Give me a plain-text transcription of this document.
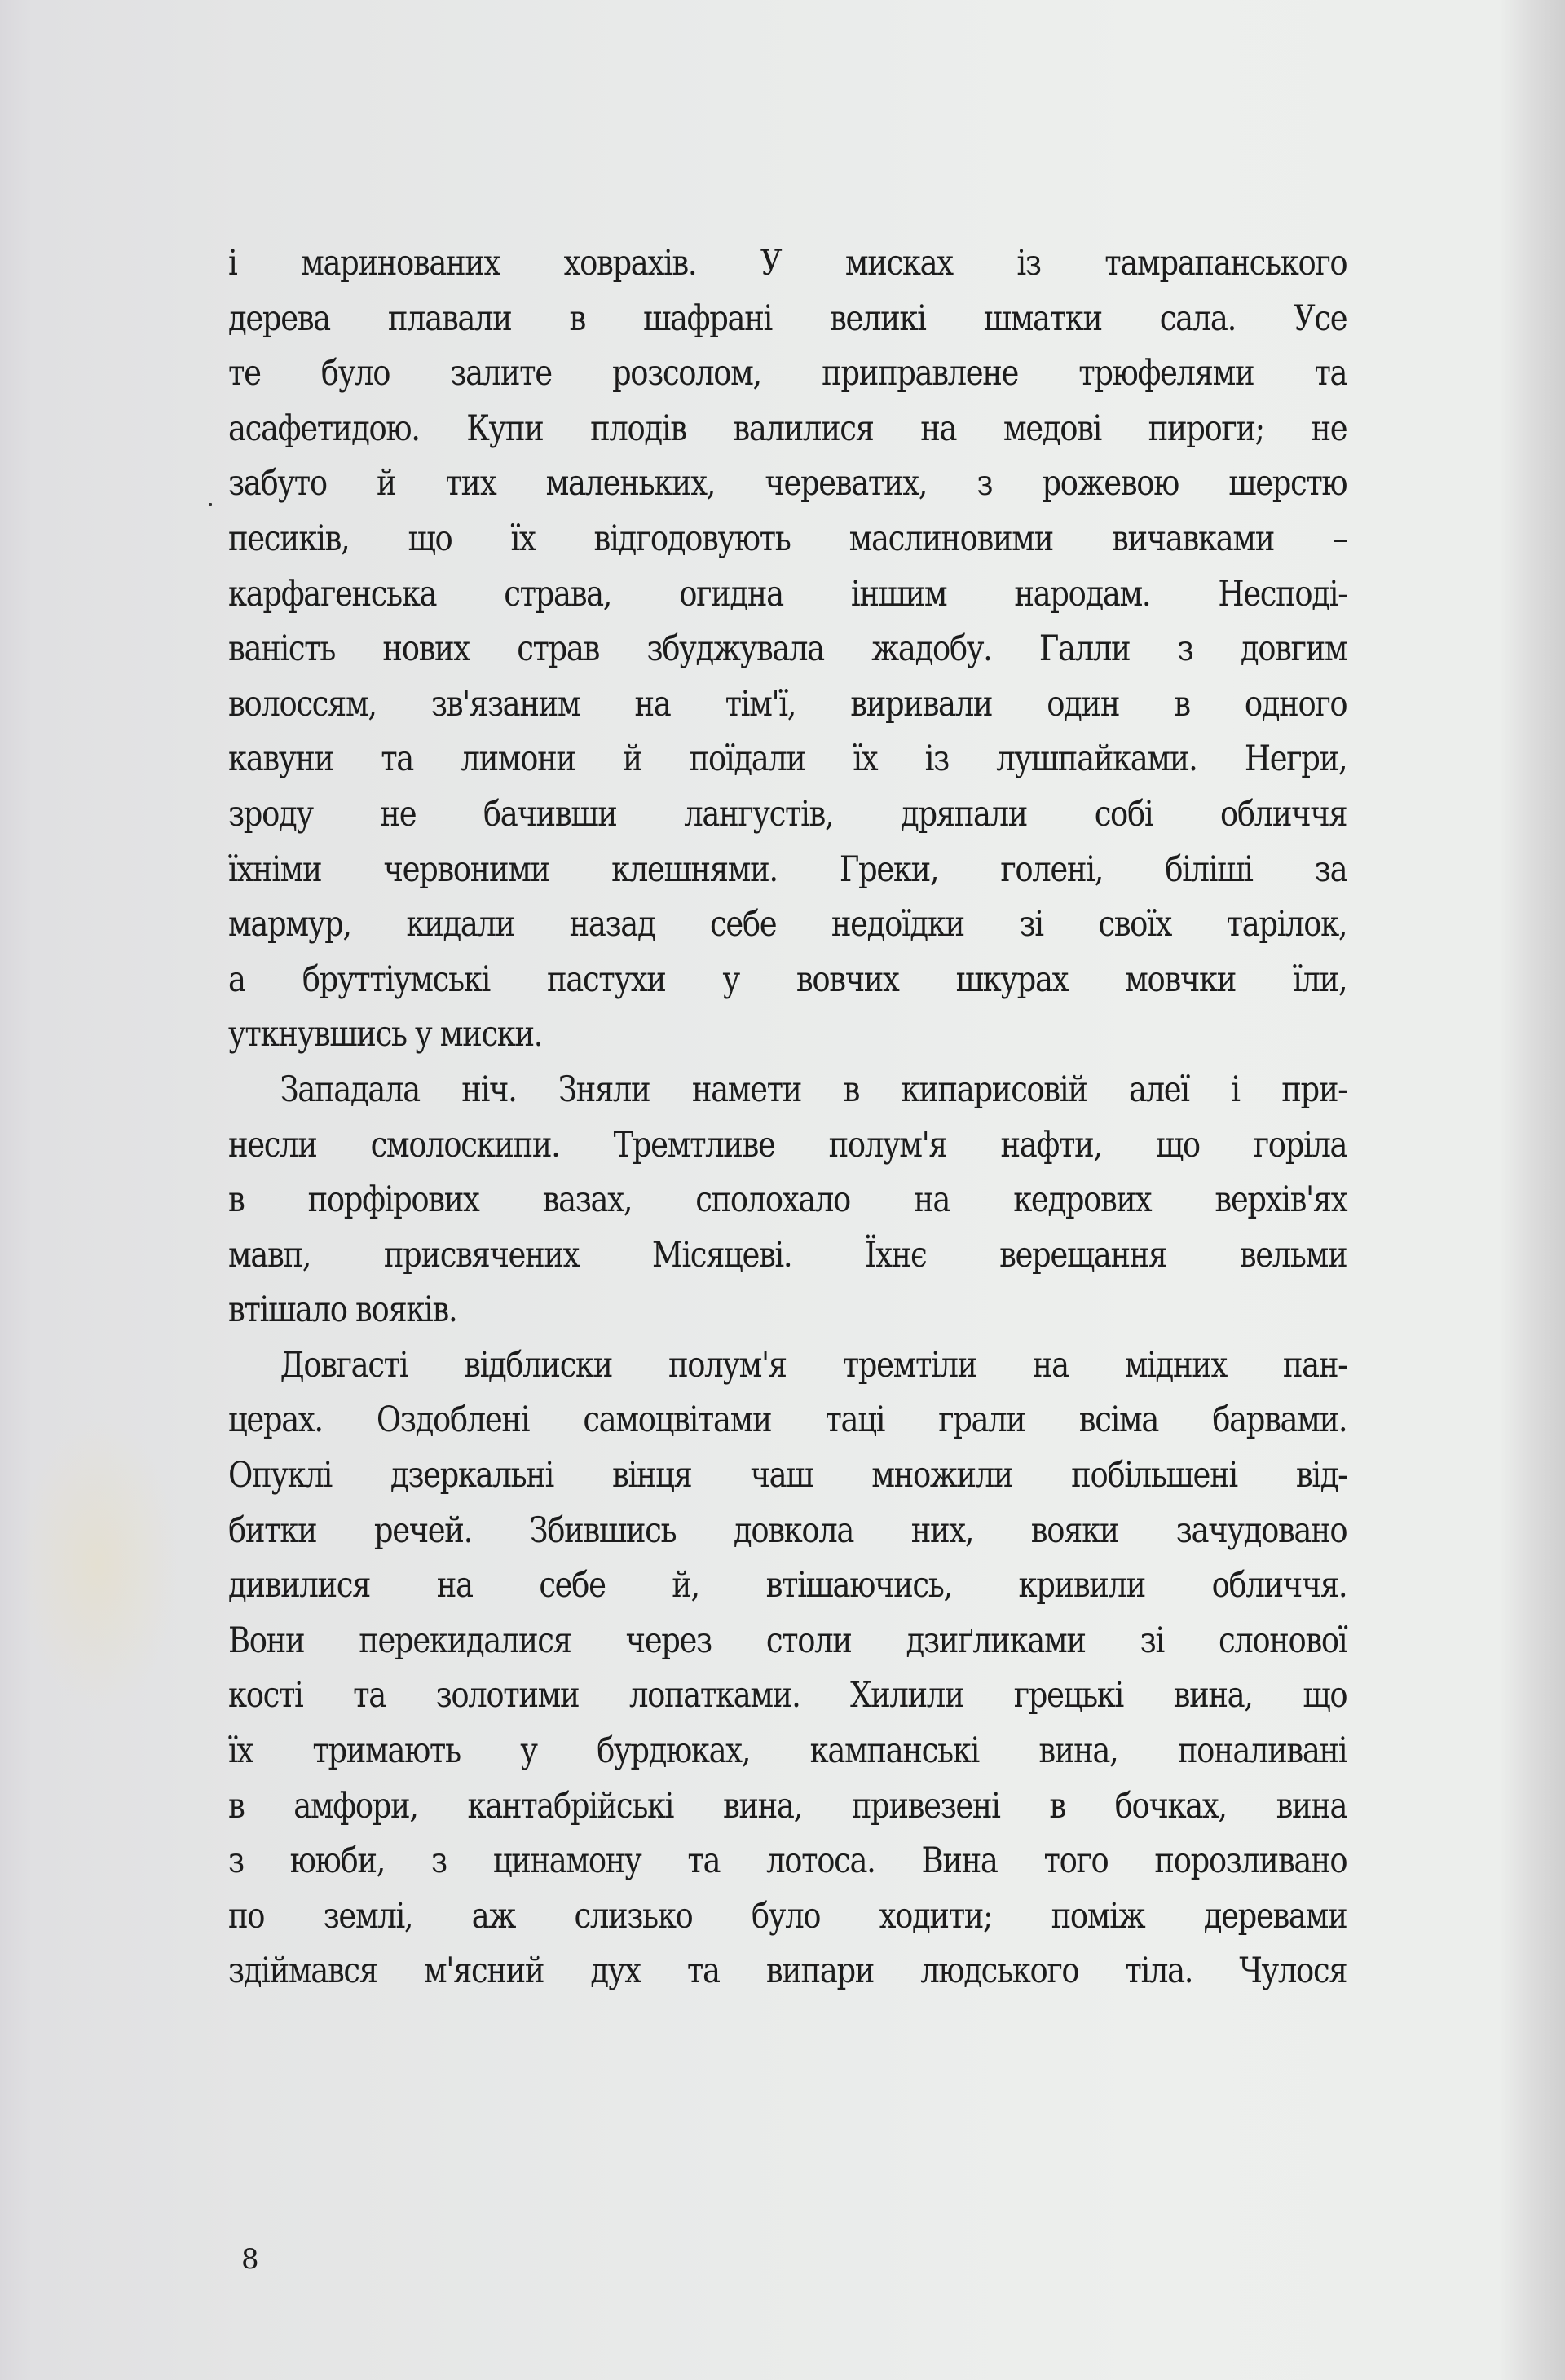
і маринованих ховрахів. У мисках із тамрапанського
дерева плавали в шафрані великі шматки сала. Усе
те було залите розсолом, приправлене трюфелями та
асафетидою. Купи плодів валилися на медові пироги; не
забуто й тих маленьких, череватих, з рожевою шерстю
песиків, що їх відгодовують маслиновими вичавками –
карфагенська страва, огидна іншим народам. Несподі-
ваність нових страв збуджувала жадобу. Галли з довгим
волоссям, зв'язаним на тім'ї, виривали один в одного
кавуни та лимони й поїдали їх із лушпайками. Негри,
зроду не бачивши лангустів, дряпали собі обличчя
їхніми червоними клешнями. Греки, голені, біліші за
мармур, кидали назад себе недоїдки зі своїх тарілок,
а бруттіумські пастухи у вовчих шкурах мовчки їли,
уткнувшись у миски.
Западала ніч. Зняли намети в кипарисовій алеї і при-
несли смолоскипи. Тремтливе полум'я нафти, що горіла
в порфірових вазах, сполохало на кедрових верхів'ях
мавп, присвячених Місяцеві. Їхнє верещання вельми
втішало вояків.
Довгасті відблиски полум'я тремтіли на мідних пан-
церах. Оздоблені самоцвітами таці грали всіма барвами.
Опуклі дзеркальні вінця чаш множили побільшені від-
битки речей. Збившись довкола них, вояки зачудовано
дивилися на себе й, втішаючись, кривили обличчя.
Вони перекидалися через столи дзиґликами зі слонової
кості та золотими лопатками. Хилили грецькі вина, що
їх тримають у бурдюках, кампанські вина, поналивані
в амфори, кантабрійські вина, привезені в бочках, вина
з ююби, з цинамону та лотоса. Вина того порозливано
по землі, аж слизько було ходити; поміж деревами
здіймався м'ясний дух та випари людського тіла. Чулося
8
